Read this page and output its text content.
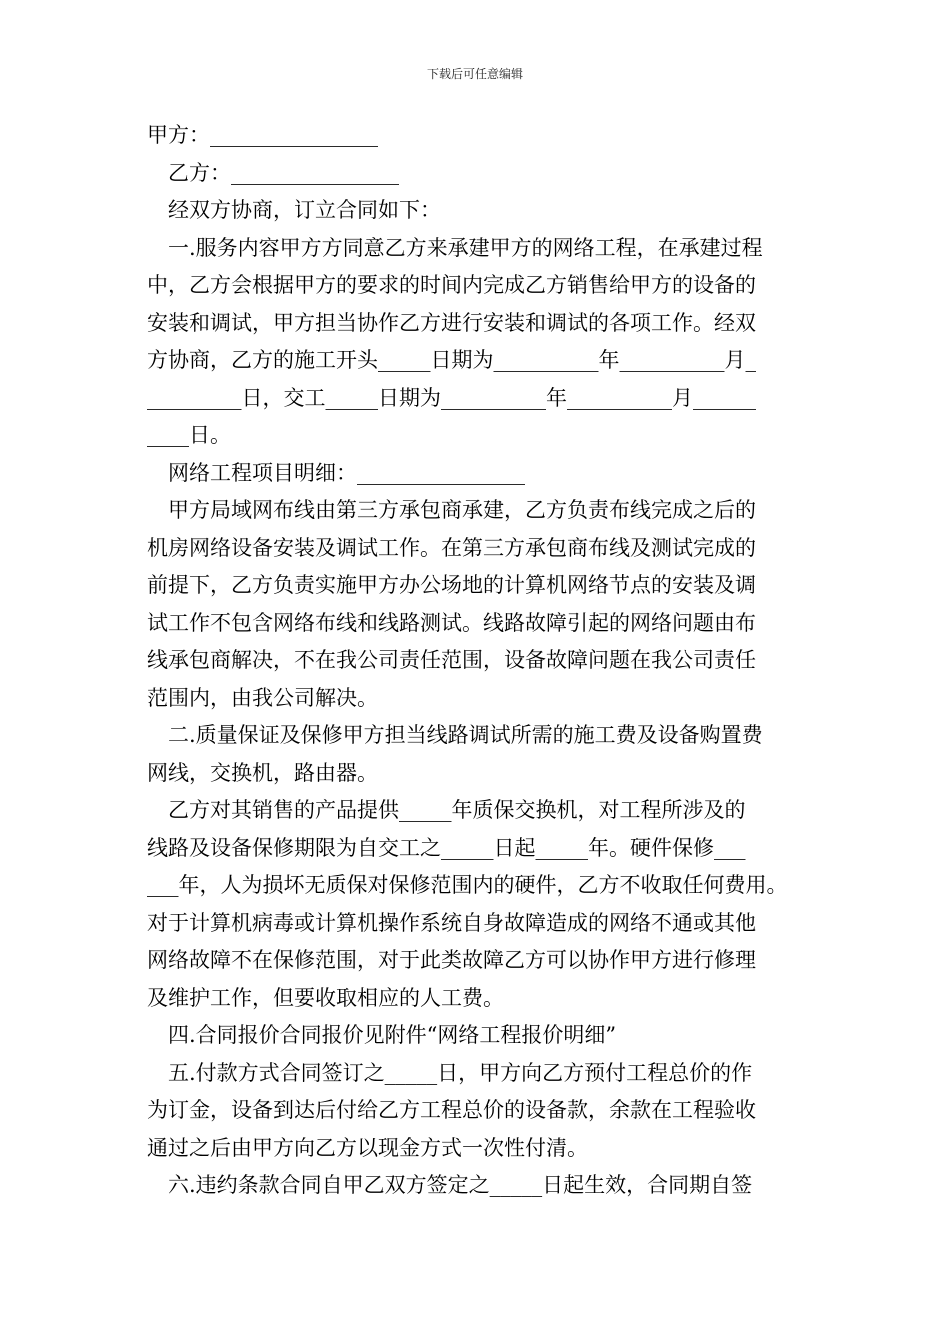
下载后可任意编辑
甲方：________________
乙方：________________
经双方协商，订立合同如下：
一.服务内容甲方方同意乙方来承建甲方的网络工程，在承建过程
中，乙方会根据甲方的要求的时间内完成乙方销售给甲方的设备的
安装和调试，甲方担当协作乙方进行安装和调试的各项工作。经双
方协商，乙方的施工开头_____日期为__________年__________月_
_________日，交工_____日期为__________年__________月______
____日。
网络工程项目明细：________________
甲方局域网布线由第三方承包商承建，乙方负责布线完成之后的
机房网络设备安装及调试工作。在第三方承包商布线及测试完成的
前提下，乙方负责实施甲方办公场地的计算机网络节点的安装及调
试工作不包含网络布线和线路测试。线路故障引起的网络问题由布
线承包商解决，不在我公司责任范围，设备故障问题在我公司责任
范围内，由我公司解决。
二.质量保证及保修甲方担当线路调试所需的施工费及设备购置费
网线，交换机，路由器。
乙方对其销售的产品提供_____年质保交换机，对工程所涉及的
线路及设备保修期限为自交工之_____日起_____年。硬件保修___
___年，人为损坏无质保对保修范围内的硬件，乙方不收取任何费用。
对于计算机病毒或计算机操作系统自身故障造成的网络不通或其他
网络故障不在保修范围，对于此类故障乙方可以协作甲方进行修理
及维护工作，但要收取相应的人工费。
四.合同报价合同报价见附件“网络工程报价明细”
五.付款方式合同签订之_____日，甲方向乙方预付工程总价的作
为订金，设备到达后付给乙方工程总价的设备款，余款在工程验收
通过之后由甲方向乙方以现金方式一次性付清。
六.违约条款合同自甲乙双方签定之_____日起生效，合同期自签
